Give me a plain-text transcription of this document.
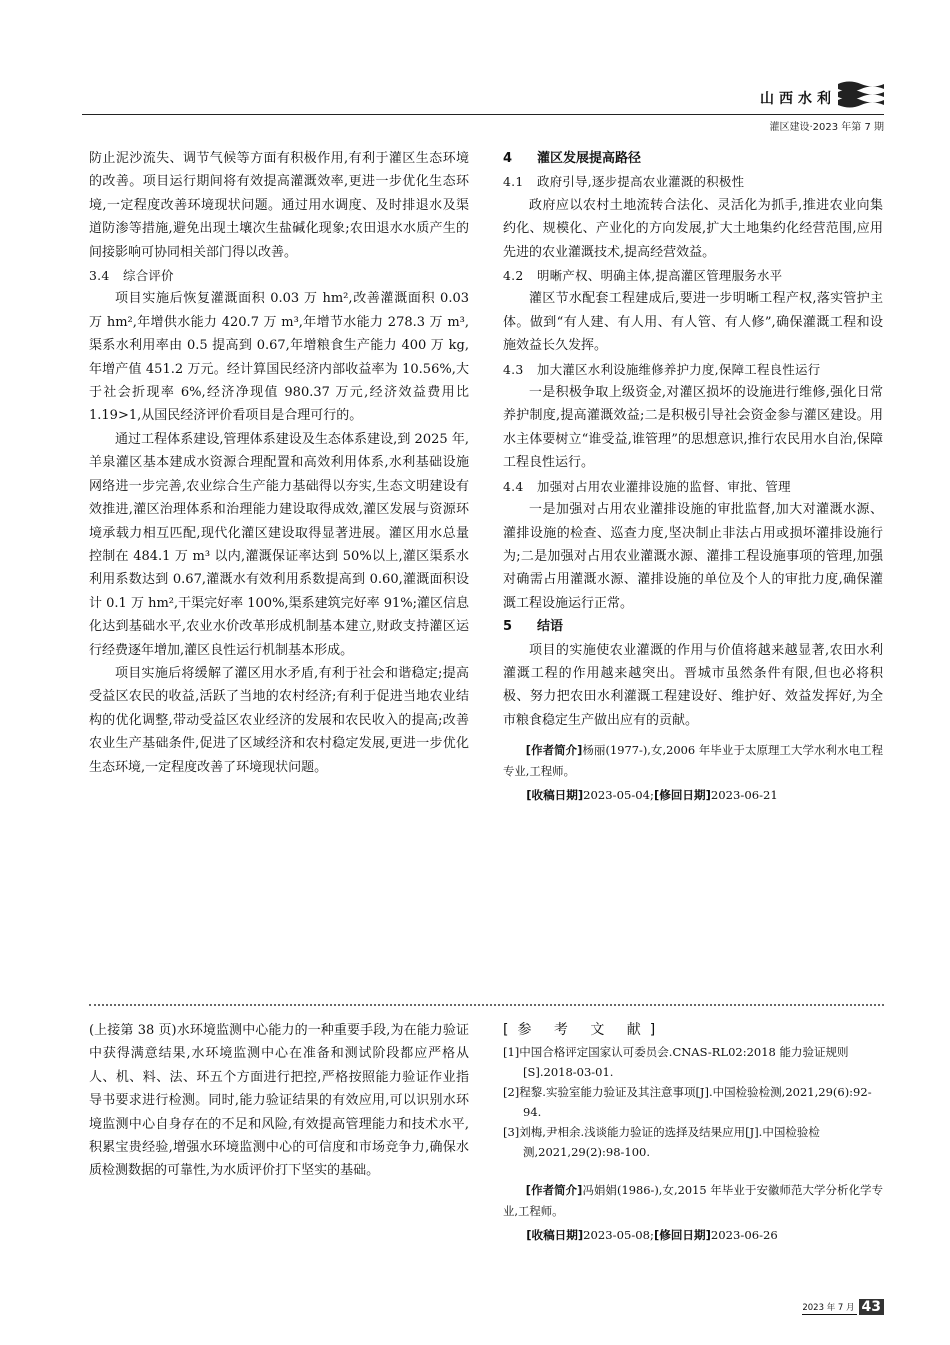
山西水利
灌区建设·2023 年第 7 期

防止泥沙流失、调节气候等方面有积极作用,有利于灌区生态环境的改善。项目运行期间将有效提高灌溉效率,更进一步优化生态环境,一定程度改善环境现状问题。通过用水调度、及时排退水及渠道防渗等措施,避免出现土壤次生盐碱化现象;农田退水水质产生的间接影响可协同相关部门得以改善。

3.4 综合评价

项目实施后恢复灌溉面积 0.03 万 hm²,改善灌溉面积 0.03 万 hm²,年增供水能力 420.7 万 m³,年增节水能力 278.3 万 m³,渠系水利用率由 0.5 提高到 0.67,年增粮食生产能力 400 万 kg,年增产值 451.2 万元。经计算国民经济内部收益率为 10.56%,大于社会折现率 6%,经济净现值 980.37 万元,经济效益费用比 1.19>1,从国民经济评价看项目是合理可行的。

通过工程体系建设,管理体系建设及生态体系建设,到 2025 年,羊泉灌区基本建成水资源合理配置和高效利用体系,水利基础设施网络进一步完善,农业综合生产能力基础得以夯实,生态文明建设有效推进,灌区治理体系和治理能力建设取得成效,灌区发展与资源环境承载力相互匹配,现代化灌区建设取得显著进展。灌区用水总量控制在 484.1 万 m³ 以内,灌溉保证率达到 50%以上,灌区渠系水利用系数达到 0.67,灌溉水有效利用系数提高到 0.60,灌溉面积设计 0.1 万 hm²,干渠完好率 100%,渠系建筑完好率 91%;灌区信息化达到基础水平,农业水价改革形成机制基本建立,财政支持灌区运行经费逐年增加,灌区良性运行机制基本形成。

项目实施后将缓解了灌区用水矛盾,有利于社会和谐稳定;提高受益区农民的收益,活跃了当地的农村经济;有利于促进当地农业结构的优化调整,带动受益区农业经济的发展和农民收入的提高;改善农业生产基础条件,促进了区域经济和农村稳定发展,更进一步优化生态环境,一定程度改善了环境现状问题。

4 灌区发展提高路径

4.1 政府引导,逐步提高农业灌溉的积极性

政府应以农村土地流转合法化、灵活化为抓手,推进农业向集约化、规模化、产业化的方向发展,扩大土地集约化经营范围,应用先进的农业灌溉技术,提高经营效益。

4.2 明晰产权、明确主体,提高灌区管理服务水平

灌区节水配套工程建成后,要进一步明晰工程产权,落实管护主体。做到“有人建、有人用、有人管、有人修”,确保灌溉工程和设施效益长久发挥。

4.3 加大灌区水利设施维修养护力度,保障工程良性运行

一是积极争取上级资金,对灌区损坏的设施进行维修,强化日常养护制度,提高灌溉效益;二是积极引导社会资金参与灌区建设。用水主体要树立“谁受益,谁管理”的思想意识,推行农民用水自治,保障工程良性运行。

4.4 加强对占用农业灌排设施的监督、审批、管理

一是加强对占用农业灌排设施的审批监督,加大对灌溉水源、灌排设施的检查、巡查力度,坚决制止非法占用或损坏灌排设施行为;二是加强对占用农业灌溉水源、灌排工程设施事项的管理,加强对确需占用灌溉水源、灌排设施的单位及个人的审批力度,确保灌溉工程设施运行正常。

5 结语

项目的实施使农业灌溉的作用与价值将越来越显著,农田水利灌溉工程的作用越来越突出。晋城市虽然条件有限,但也必将积极、努力把农田水利灌溉工程建设好、维护好、效益发挥好,为全市粮食稳定生产做出应有的贡献。

[作者简介]杨丽(1977-),女,2006 年毕业于太原理工大学水利水电工程专业,工程师。

[收稿日期]2023-05-04;[修回日期]2023-06-21

(上接第 38 页)水环境监测中心能力的一种重要手段,为在能力验证中获得满意结果,水环境监测中心在准备和测试阶段都应严格从人、机、料、法、环五个方面进行把控,严格按照能力验证作业指导书要求进行检测。同时,能力验证结果的有效应用,可以识别水环境监测中心自身存在的不足和风险,有效提高管理能力和技术水平,积累宝贵经验,增强水环境监测中心的可信度和市场竞争力,确保水质检测数据的可靠性,为水质评价打下坚实的基础。

[参 考 文 献]

[1]中国合格评定国家认可委员会.CNAS-RL02:2018 能力验证规则[S].2018-03-01.

[2]程黎.实验室能力验证及其注意事项[J].中国检验检测,2021,29(6):92-94.

[3]刘梅,尹相余.浅谈能力验证的选择及结果应用[J].中国检验检测,2021,29(2):98-100.

[作者简介]冯娟娟(1986-),女,2015 年毕业于安徽师范大学分析化学专业,工程师。

[收稿日期]2023-05-08;[修回日期]2023-06-26

2023 年 7 月 43
